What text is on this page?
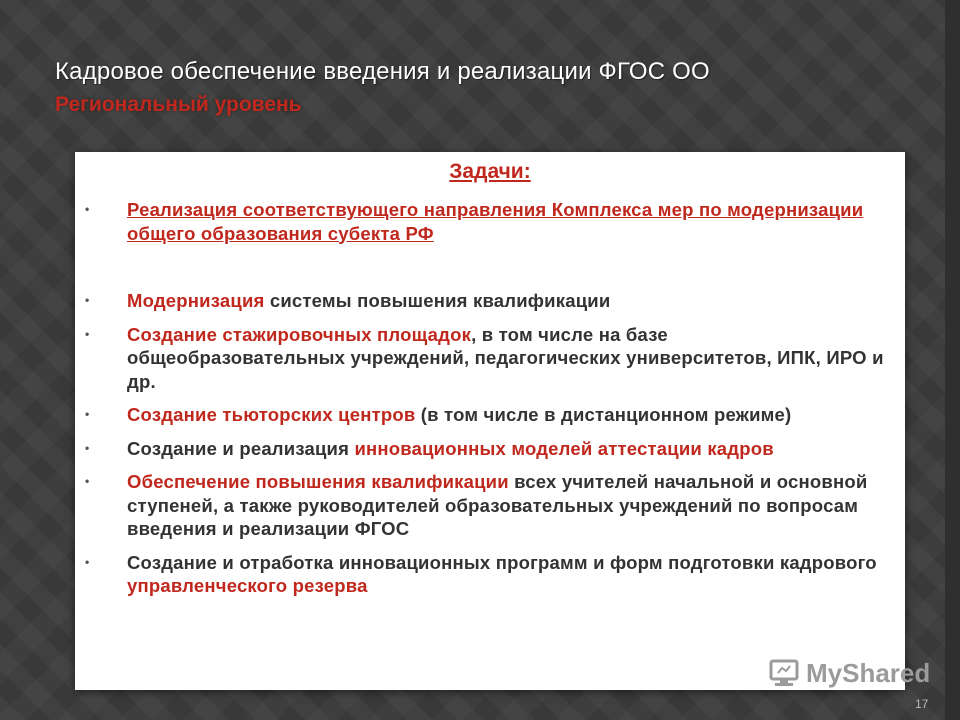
Кадровое обеспечение введения и реализации ФГОС ОО
Региональный уровень
Задачи:
• Реализация соответствующего направления Комплекса мер по модернизации общего образования субекта РФ
• Модернизация системы повышения квалификации
• Создание стажировочных площадок, в том числе на базе общеобразовательных учреждений, педагогических университетов, ИПК, ИРО и др.
• Создание тьюторских центров (в том числе в дистанционном режиме)
• Создание и реализация инновационных моделей аттестации кадров
• Обеспечение повышения квалификации всех учителей начальной и основной ступеней, а также руководителей образовательных учреждений по вопросам введения и реализации ФГОС
• Создание и отработка инновационных программ и форм подготовки кадрового управленческого резерва
MyShared
17
